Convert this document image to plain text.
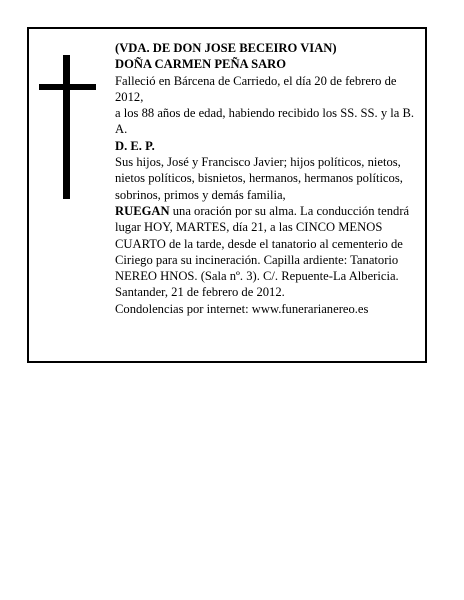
(VDA. DE DON JOSE BECEIRO VIAN)

DOÑA CARMEN PEÑA SARO

Falleció en Bárcena de Carriedo, el día 20 de febrero de 2012,

a los 88 años de edad, habiendo recibido los SS. SS. y la B. A.

D. E. P.

Sus hijos, José y Francisco Javier; hijos políticos, nietos, nietos políticos, bisnietos, hermanos, hermanos políticos, sobrinos, primos y demás familia,

RUEGAN una oración por su alma. La conducción tendrá lugar HOY, MARTES, día 21, a las CINCO MENOS CUARTO de la tarde, desde el tanatorio al cementerio de Ciriego para su incineración. Capilla ardiente: Tanatorio NEREO HNOS. (Sala nº. 3). C/. Repuente-La Albericia.

Santander, 21 de febrero de 2012.

Condolencias por internet: www.funerarianereo.es
